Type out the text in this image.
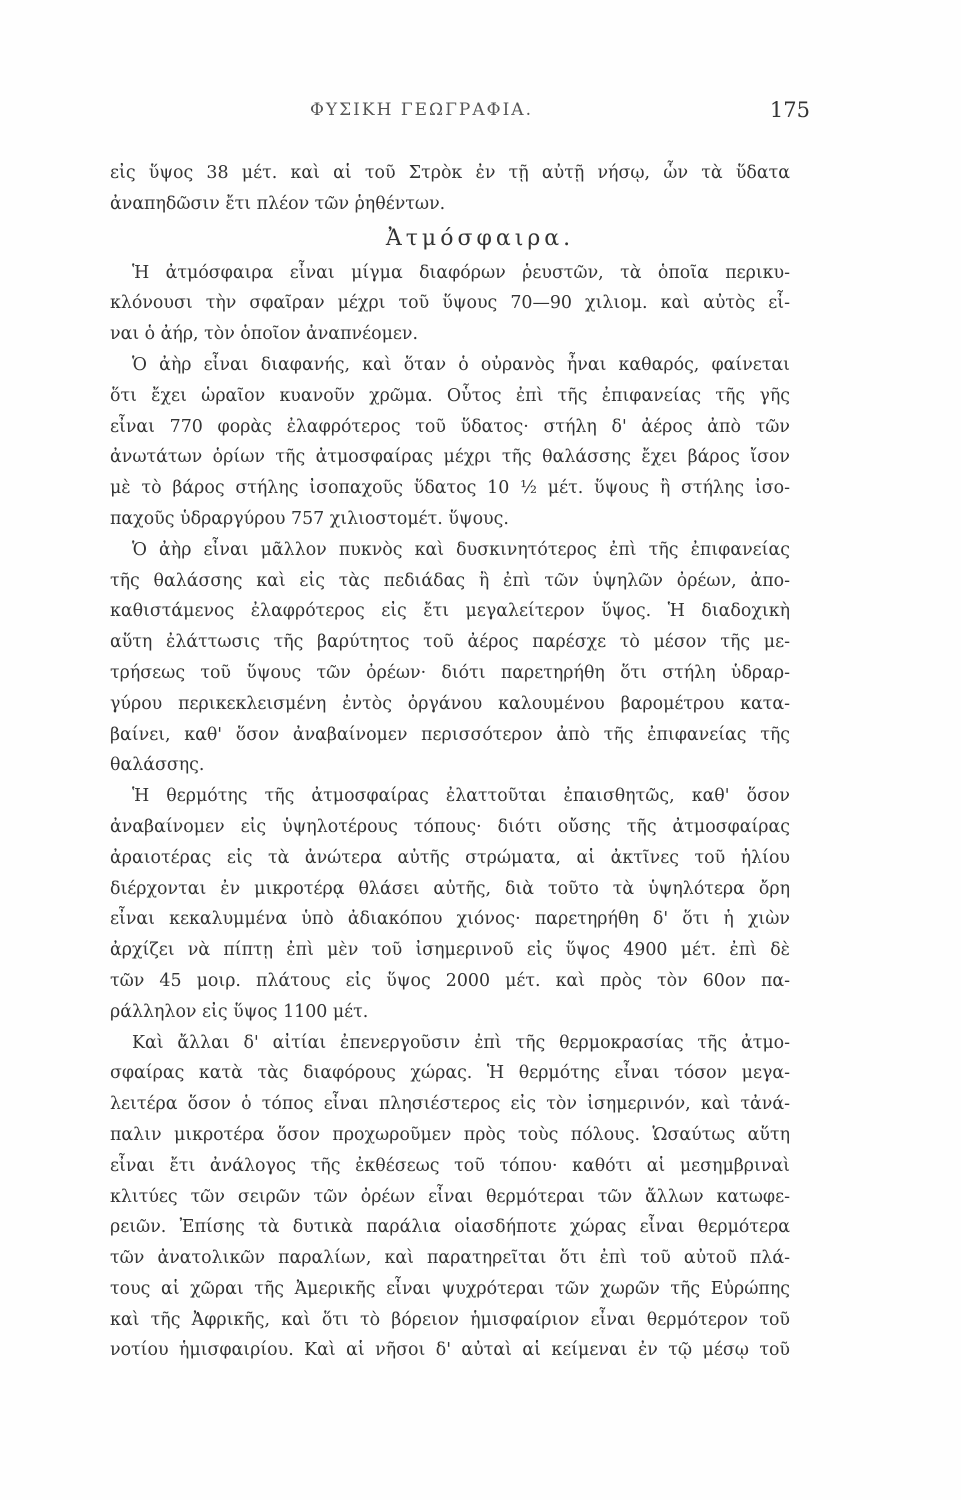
ΦΥΣΙΚΗ ΓΕΩΓΡΑΦΙΑ.	175
εἰς ὕψος 38 μέτ. καὶ αἱ τοῦ Στρὸκ ἐν τῇ αὐτῇ νήσῳ, ὧν τὰ ὕδατα
ἀναπηδῶσιν ἔτι πλέον τῶν ῥηθέντων.
Ἀτμόσφαιρα.
Ἡ ἀτμόσφαιρα εἶναι μίγμα διαφόρων ῥευστῶν, τὰ ὁποῖα περικυ-
κλόνουσι τὴν σφαῖραν μέχρι τοῦ ὕψους 70—90 χιλιομ. καὶ αὐτὸς εἶ-
ναι ὁ ἀήρ, τὸν ὁποῖον ἀναπνέομεν.
Ὁ ἀὴρ εἶναι διαφανής, καὶ ὅταν ὁ οὐρανὸς ἦναι καθαρός, φαίνεται
ὅτι ἔχει ὡραῖον κυανοῦν χρῶμα. Οὗτος ἐπὶ τῆς ἐπιφανείας τῆς γῆς
εἶναι 770 φορὰς ἐλαφρότερος τοῦ ὕδατος· στήλη δ' ἀέρος ἀπὸ τῶν
ἀνωτάτων ὁρίων τῆς ἀτμοσφαίρας μέχρι τῆς θαλάσσης ἔχει βάρος ἴσον
μὲ τὸ βάρος στήλης ἰσοπαχοῦς ὕδατος 10 ½ μέτ. ὕψους ἢ στήλης ἰσο-
παχοῦς ὑδραργύρου 757 χιλιοστομέτ. ὕψους.
Ὁ ἀὴρ εἶναι μᾶλλον πυκνὸς καὶ δυσκινητότερος ἐπὶ τῆς ἐπιφανείας
τῆς θαλάσσης καὶ εἰς τὰς πεδιάδας ἢ ἐπὶ τῶν ὑψηλῶν ὀρέων, ἀπο-
καθιστάμενος ἐλαφρότερος εἰς ἔτι μεγαλείτερον ὕψος. Ἡ διαδοχικὴ
αὕτη ἐλάττωσις τῆς βαρύτητος τοῦ ἀέρος παρέσχε τὸ μέσον τῆς με-
τρήσεως τοῦ ὕψους τῶν ὀρέων· διότι παρετηρήθη ὅτι στήλη ὑδραρ-
γύρου περικεκλεισμένη ἐντὸς ὀργάνου καλουμένου βαρομέτρου κατα-
βαίνει, καθ' ὅσον ἀναβαίνομεν περισσότερον ἀπὸ τῆς ἐπιφανείας τῆς
θαλάσσης.
Ἡ θερμότης τῆς ἀτμοσφαίρας ἐλαττοῦται ἐπαισθητῶς, καθ' ὅσον
ἀναβαίνομεν εἰς ὑψηλοτέρους τόπους· διότι οὔσης τῆς ἀτμοσφαίρας
ἀραιοτέρας εἰς τὰ ἀνώτερα αὐτῆς στρώματα, αἱ ἀκτῖνες τοῦ ἡλίου
διέρχονται ἐν μικροτέρᾳ θλάσει αὐτῆς, διὰ τοῦτο τὰ ὑψηλότερα ὄρη
εἶναι κεκαλυμμένα ὑπὸ ἀδιακόπου χιόνος· παρετηρήθη δ' ὅτι ἡ χιὼν
ἀρχίζει νὰ πίπτῃ ἐπὶ μὲν τοῦ ἰσημερινοῦ εἰς ὕψος 4900 μέτ. ἐπὶ δὲ
τῶν 45 μοιρ. πλάτους εἰς ὕψος 2000 μέτ. καὶ πρὸς τὸν 60ον πα-
ράλληλον εἰς ὕψος 1100 μέτ.
Καὶ ἄλλαι δ' αἰτίαι ἐπενεργοῦσιν ἐπὶ τῆς θερμοκρασίας τῆς ἀτμο-
σφαίρας κατὰ τὰς διαφόρους χώρας. Ἡ θερμότης εἶναι τόσον μεγα-
λειτέρα ὅσον ὁ τόπος εἶναι πλησιέστερος εἰς τὸν ἰσημερινόν, καὶ τἀνά-
παλιν μικροτέρα ὅσον προχωροῦμεν πρὸς τοὺς πόλους. Ὡσαύτως αὕτη
εἶναι ἔτι ἀνάλογος τῆς ἐκθέσεως τοῦ τόπου· καθότι αἱ μεσημβριναὶ
κλιτύες τῶν σειρῶν τῶν ὀρέων εἶναι θερμότεραι τῶν ἄλλων κατωφε-
ρειῶν. Ἐπίσης τὰ δυτικὰ παράλια οἱασδήποτε χώρας εἶναι θερμότερα
τῶν ἀνατολικῶν παραλίων, καὶ παρατηρεῖται ὅτι ἐπὶ τοῦ αὐτοῦ πλά-
τους αἱ χῶραι τῆς Ἀμερικῆς εἶναι ψυχρότεραι τῶν χωρῶν τῆς Εὐρώπης
καὶ τῆς Ἀφρικῆς, καὶ ὅτι τὸ βόρειον ἡμισφαίριον εἶναι θερμότερον τοῦ
νοτίου ἡμισφαιρίου. Καὶ αἱ νῆσοι δ' αὐταὶ αἱ κείμεναι ἐν τῷ μέσῳ τοῦ
